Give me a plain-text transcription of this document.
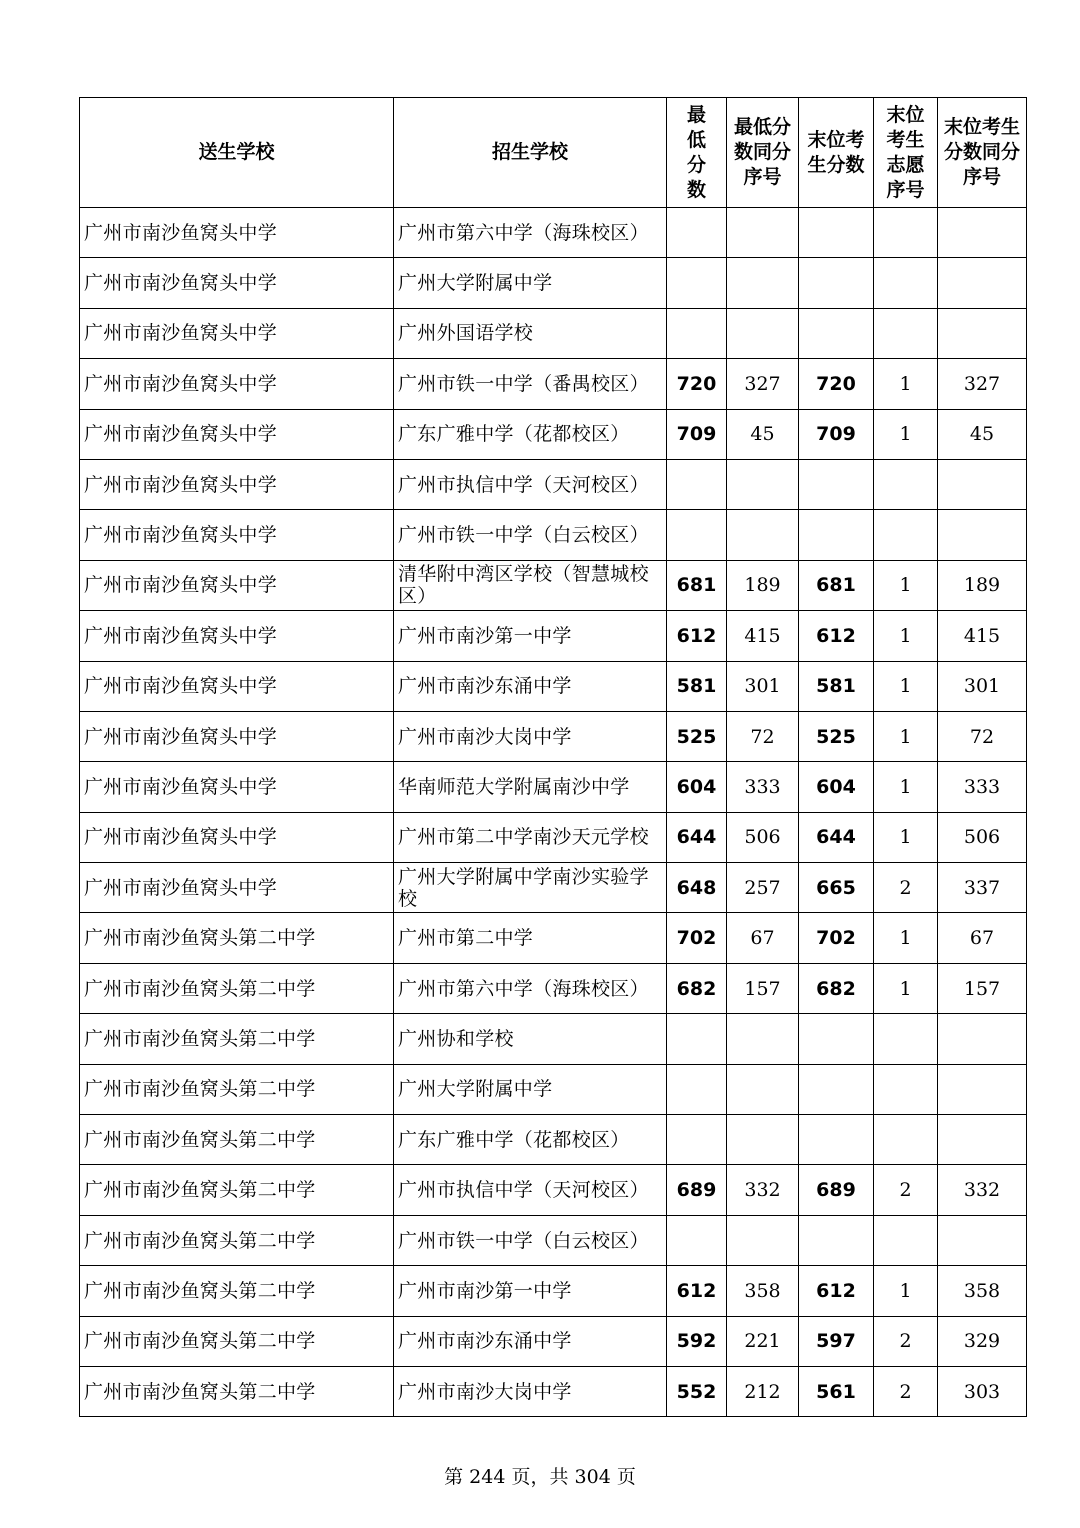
送生学校	招生学校	最低分数	最低分数同分序号	末位考生分数	末位考生志愿序号	末位考生分数同分序号
广州市南沙鱼窝头中学	广州市第六中学（海珠校区）					
广州市南沙鱼窝头中学	广州大学附属中学					
广州市南沙鱼窝头中学	广州外国语学校					
广州市南沙鱼窝头中学	广州市铁一中学（番禺校区）	720	327	720	1	327
广州市南沙鱼窝头中学	广东广雅中学（花都校区）	709	45	709	1	45
广州市南沙鱼窝头中学	广州市执信中学（天河校区）					
广州市南沙鱼窝头中学	广州市铁一中学（白云校区）					
广州市南沙鱼窝头中学	清华附中湾区学校（智慧城校区）	681	189	681	1	189
广州市南沙鱼窝头中学	广州市南沙第一中学	612	415	612	1	415
广州市南沙鱼窝头中学	广州市南沙东涌中学	581	301	581	1	301
广州市南沙鱼窝头中学	广州市南沙大岗中学	525	72	525	1	72
广州市南沙鱼窝头中学	华南师范大学附属南沙中学	604	333	604	1	333
广州市南沙鱼窝头中学	广州市第二中学南沙天元学校	644	506	644	1	506
广州市南沙鱼窝头中学	广州大学附属中学南沙实验学校	648	257	665	2	337
广州市南沙鱼窝头第二中学	广州市第二中学	702	67	702	1	67
广州市南沙鱼窝头第二中学	广州市第六中学（海珠校区）	682	157	682	1	157
广州市南沙鱼窝头第二中学	广州协和学校					
广州市南沙鱼窝头第二中学	广州大学附属中学					
广州市南沙鱼窝头第二中学	广东广雅中学（花都校区）					
广州市南沙鱼窝头第二中学	广州市执信中学（天河校区）	689	332	689	2	332
广州市南沙鱼窝头第二中学	广州市铁一中学（白云校区）					
广州市南沙鱼窝头第二中学	广州市南沙第一中学	612	358	612	1	358
广州市南沙鱼窝头第二中学	广州市南沙东涌中学	592	221	597	2	329
广州市南沙鱼窝头第二中学	广州市南沙大岗中学	552	212	561	2	303
第 244 页，共 304 页
